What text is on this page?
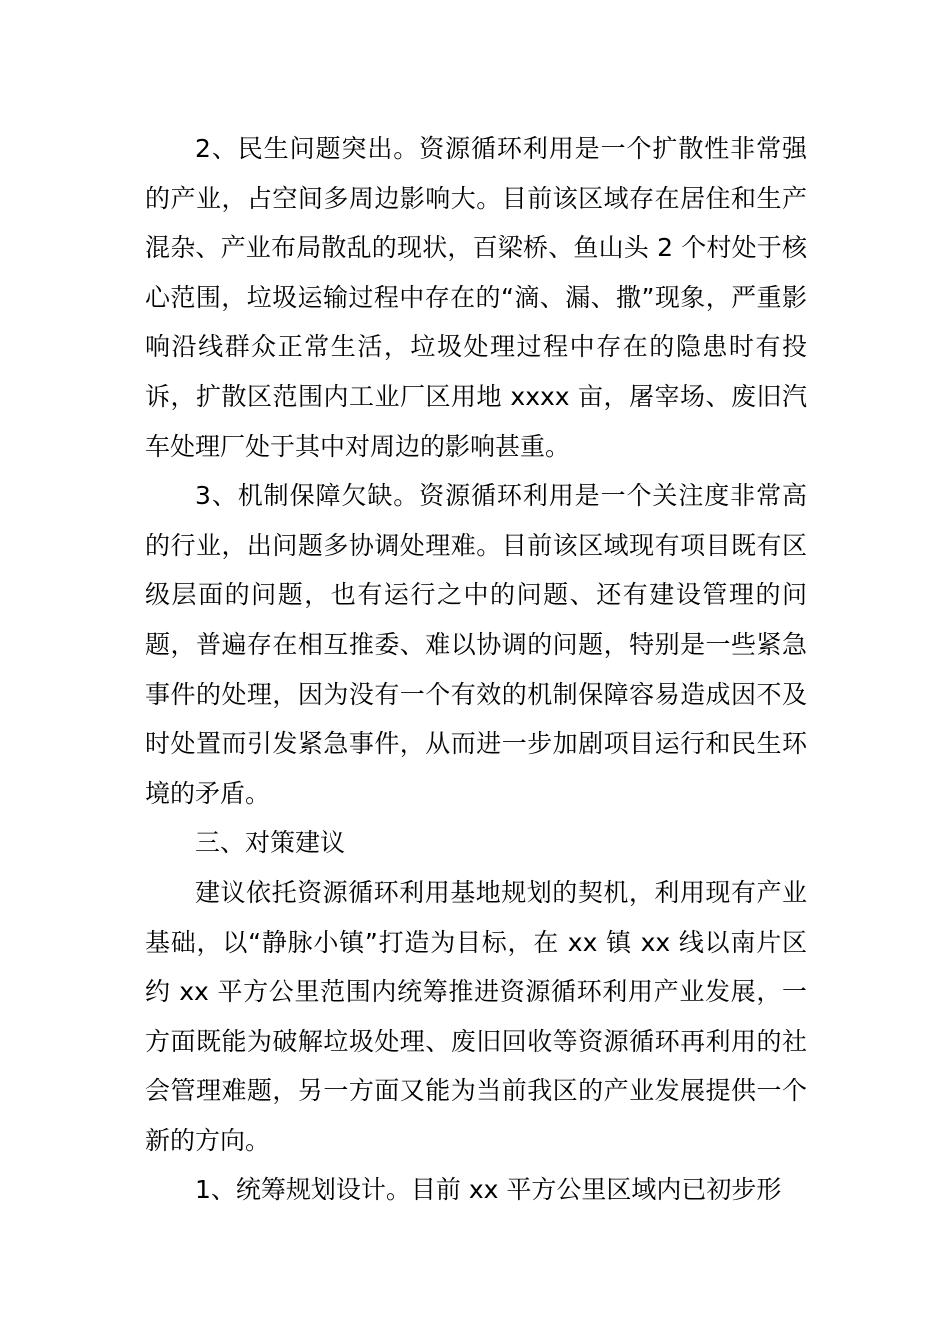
2、民生问题突出。资源循环利用是一个扩散性非常强的产业，占空间多周边影响大。目前该区域存在居住和生产混杂、产业布局散乱的现状，百梁桥、鱼山头 2 个村处于核心范围，垃圾运输过程中存在的“滴、漏、撒”现象，严重影响沿线群众正常生活，垃圾处理过程中存在的隐患时有投诉，扩散区范围内工业厂区用地 xxxx 亩，屠宰场、废旧汽车处理厂处于其中对周边的影响甚重。

3、机制保障欠缺。资源循环利用是一个关注度非常高的行业，出问题多协调处理难。目前该区域现有项目既有区级层面的问题，也有运行之中的问题、还有建设管理的问题，普遍存在相互推委、难以协调的问题，特别是一些紧急事件的处理，因为没有一个有效的机制保障容易造成因不及时处置而引发紧急事件，从而进一步加剧项目运行和民生环境的矛盾。

三、对策建议

建议依托资源循环利用基地规划的契机，利用现有产业基础，以“静脉小镇”打造为目标，在 xx 镇 xx 线以南片区约 xx 平方公里范围内统筹推进资源循环利用产业发展，一方面既能为破解垃圾处理、废旧回收等资源循环再利用的社会管理难题，另一方面又能为当前我区的产业发展提供一个新的方向。

1、统筹规划设计。目前 xx 平方公里区域内已初步形
